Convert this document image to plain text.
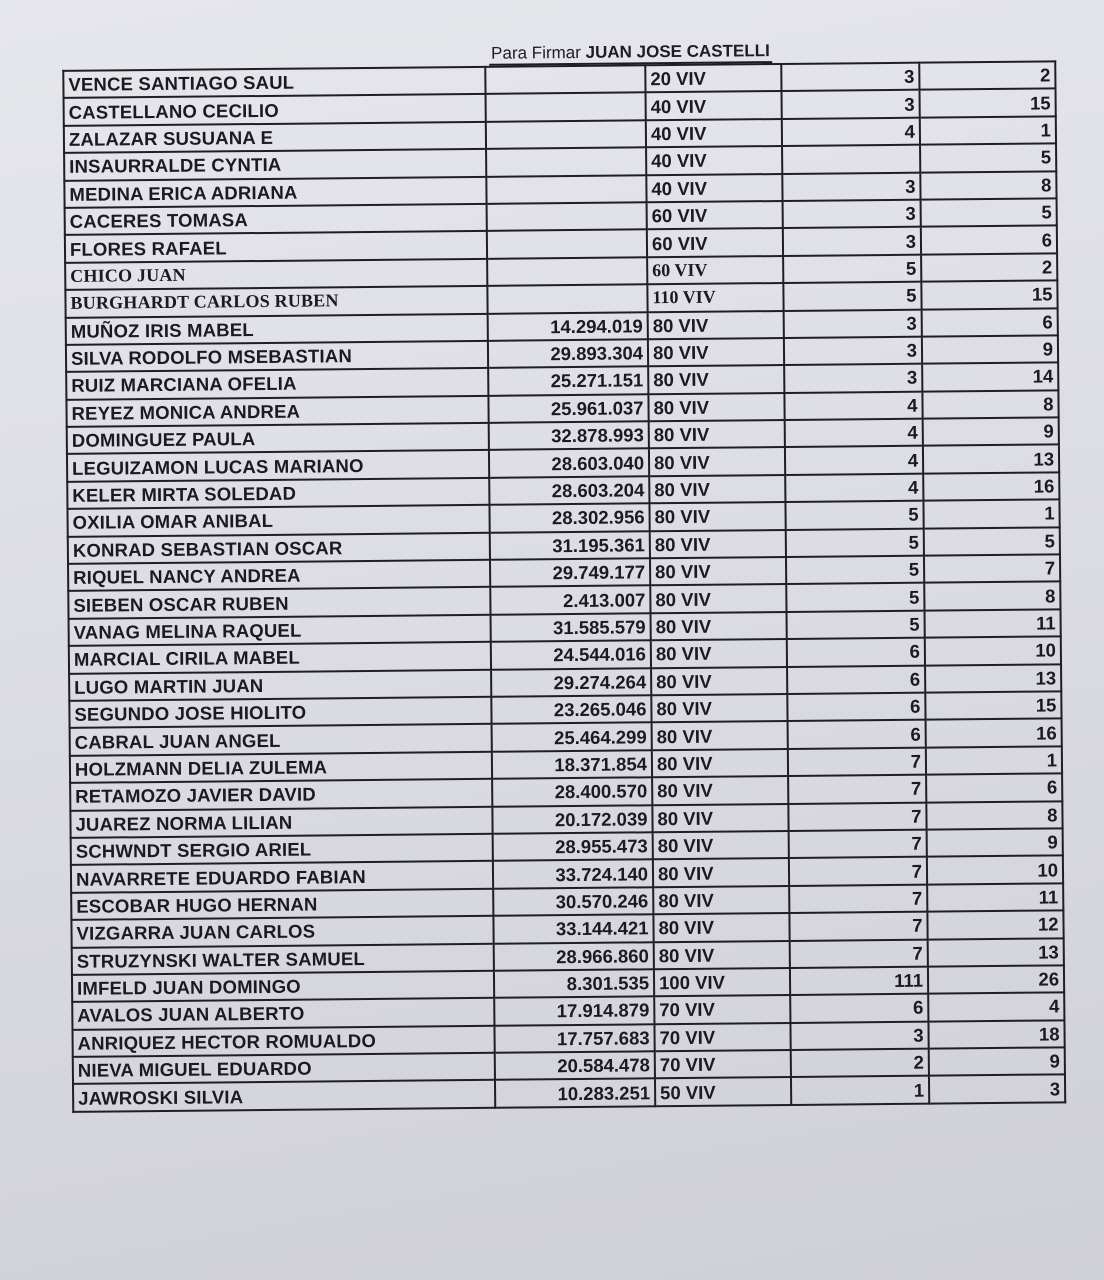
Para Firmar JUAN JOSE CASTELLI
VENCE SANTIAGO SAUL		20 VIV	3	2
CASTELLANO CECILIO		40 VIV	3	15
ZALAZAR SUSUANA E		40 VIV	4	1
INSAURRALDE CYNTIA		40 VIV		5
MEDINA ERICA ADRIANA		40 VIV	3	8
CACERES TOMASA		60 VIV	3	5
FLORES RAFAEL		60 VIV	3	6
CHICO JUAN		60 VIV	5	2
BURGHARDT CARLOS RUBEN		110 VIV	5	15
MUÑOZ IRIS MABEL	14.294.019	80 VIV	3	6
SILVA RODOLFO MSEBASTIAN	29.893.304	80 VIV	3	9
RUIZ MARCIANA OFELIA	25.271.151	80 VIV	3	14
REYEZ MONICA ANDREA	25.961.037	80 VIV	4	8
DOMINGUEZ PAULA	32.878.993	80 VIV	4	9
LEGUIZAMON LUCAS MARIANO	28.603.040	80 VIV	4	13
KELER MIRTA SOLEDAD	28.603.204	80 VIV	4	16
OXILIA OMAR ANIBAL	28.302.956	80 VIV	5	1
KONRAD SEBASTIAN OSCAR	31.195.361	80 VIV	5	5
RIQUEL NANCY ANDREA	29.749.177	80 VIV	5	7
SIEBEN OSCAR RUBEN	2.413.007	80 VIV	5	8
VANAG MELINA RAQUEL	31.585.579	80 VIV	5	11
MARCIAL CIRILA MABEL	24.544.016	80 VIV	6	10
LUGO MARTIN JUAN	29.274.264	80 VIV	6	13
SEGUNDO JOSE HIOLITO	23.265.046	80 VIV	6	15
CABRAL JUAN ANGEL	25.464.299	80 VIV	6	16
HOLZMANN DELIA ZULEMA	18.371.854	80 VIV	7	1
RETAMOZO JAVIER DAVID	28.400.570	80 VIV	7	6
JUAREZ NORMA LILIAN	20.172.039	80 VIV	7	8
SCHWNDT SERGIO ARIEL	28.955.473	80 VIV	7	9
NAVARRETE EDUARDO FABIAN	33.724.140	80 VIV	7	10
ESCOBAR HUGO HERNAN	30.570.246	80 VIV	7	11
VIZGARRA JUAN CARLOS	33.144.421	80 VIV	7	12
STRUZYNSKI WALTER SAMUEL	28.966.860	80 VIV	7	13
IMFELD JUAN DOMINGO	8.301.535	100 VIV	111	26
AVALOS JUAN ALBERTO	17.914.879	70 VIV	6	4
ANRIQUEZ HECTOR ROMUALDO	17.757.683	70 VIV	3	18
NIEVA MIGUEL EDUARDO	20.584.478	70 VIV	2	9
JAWROSKI SILVIA	10.283.251	50 VIV	1	3
